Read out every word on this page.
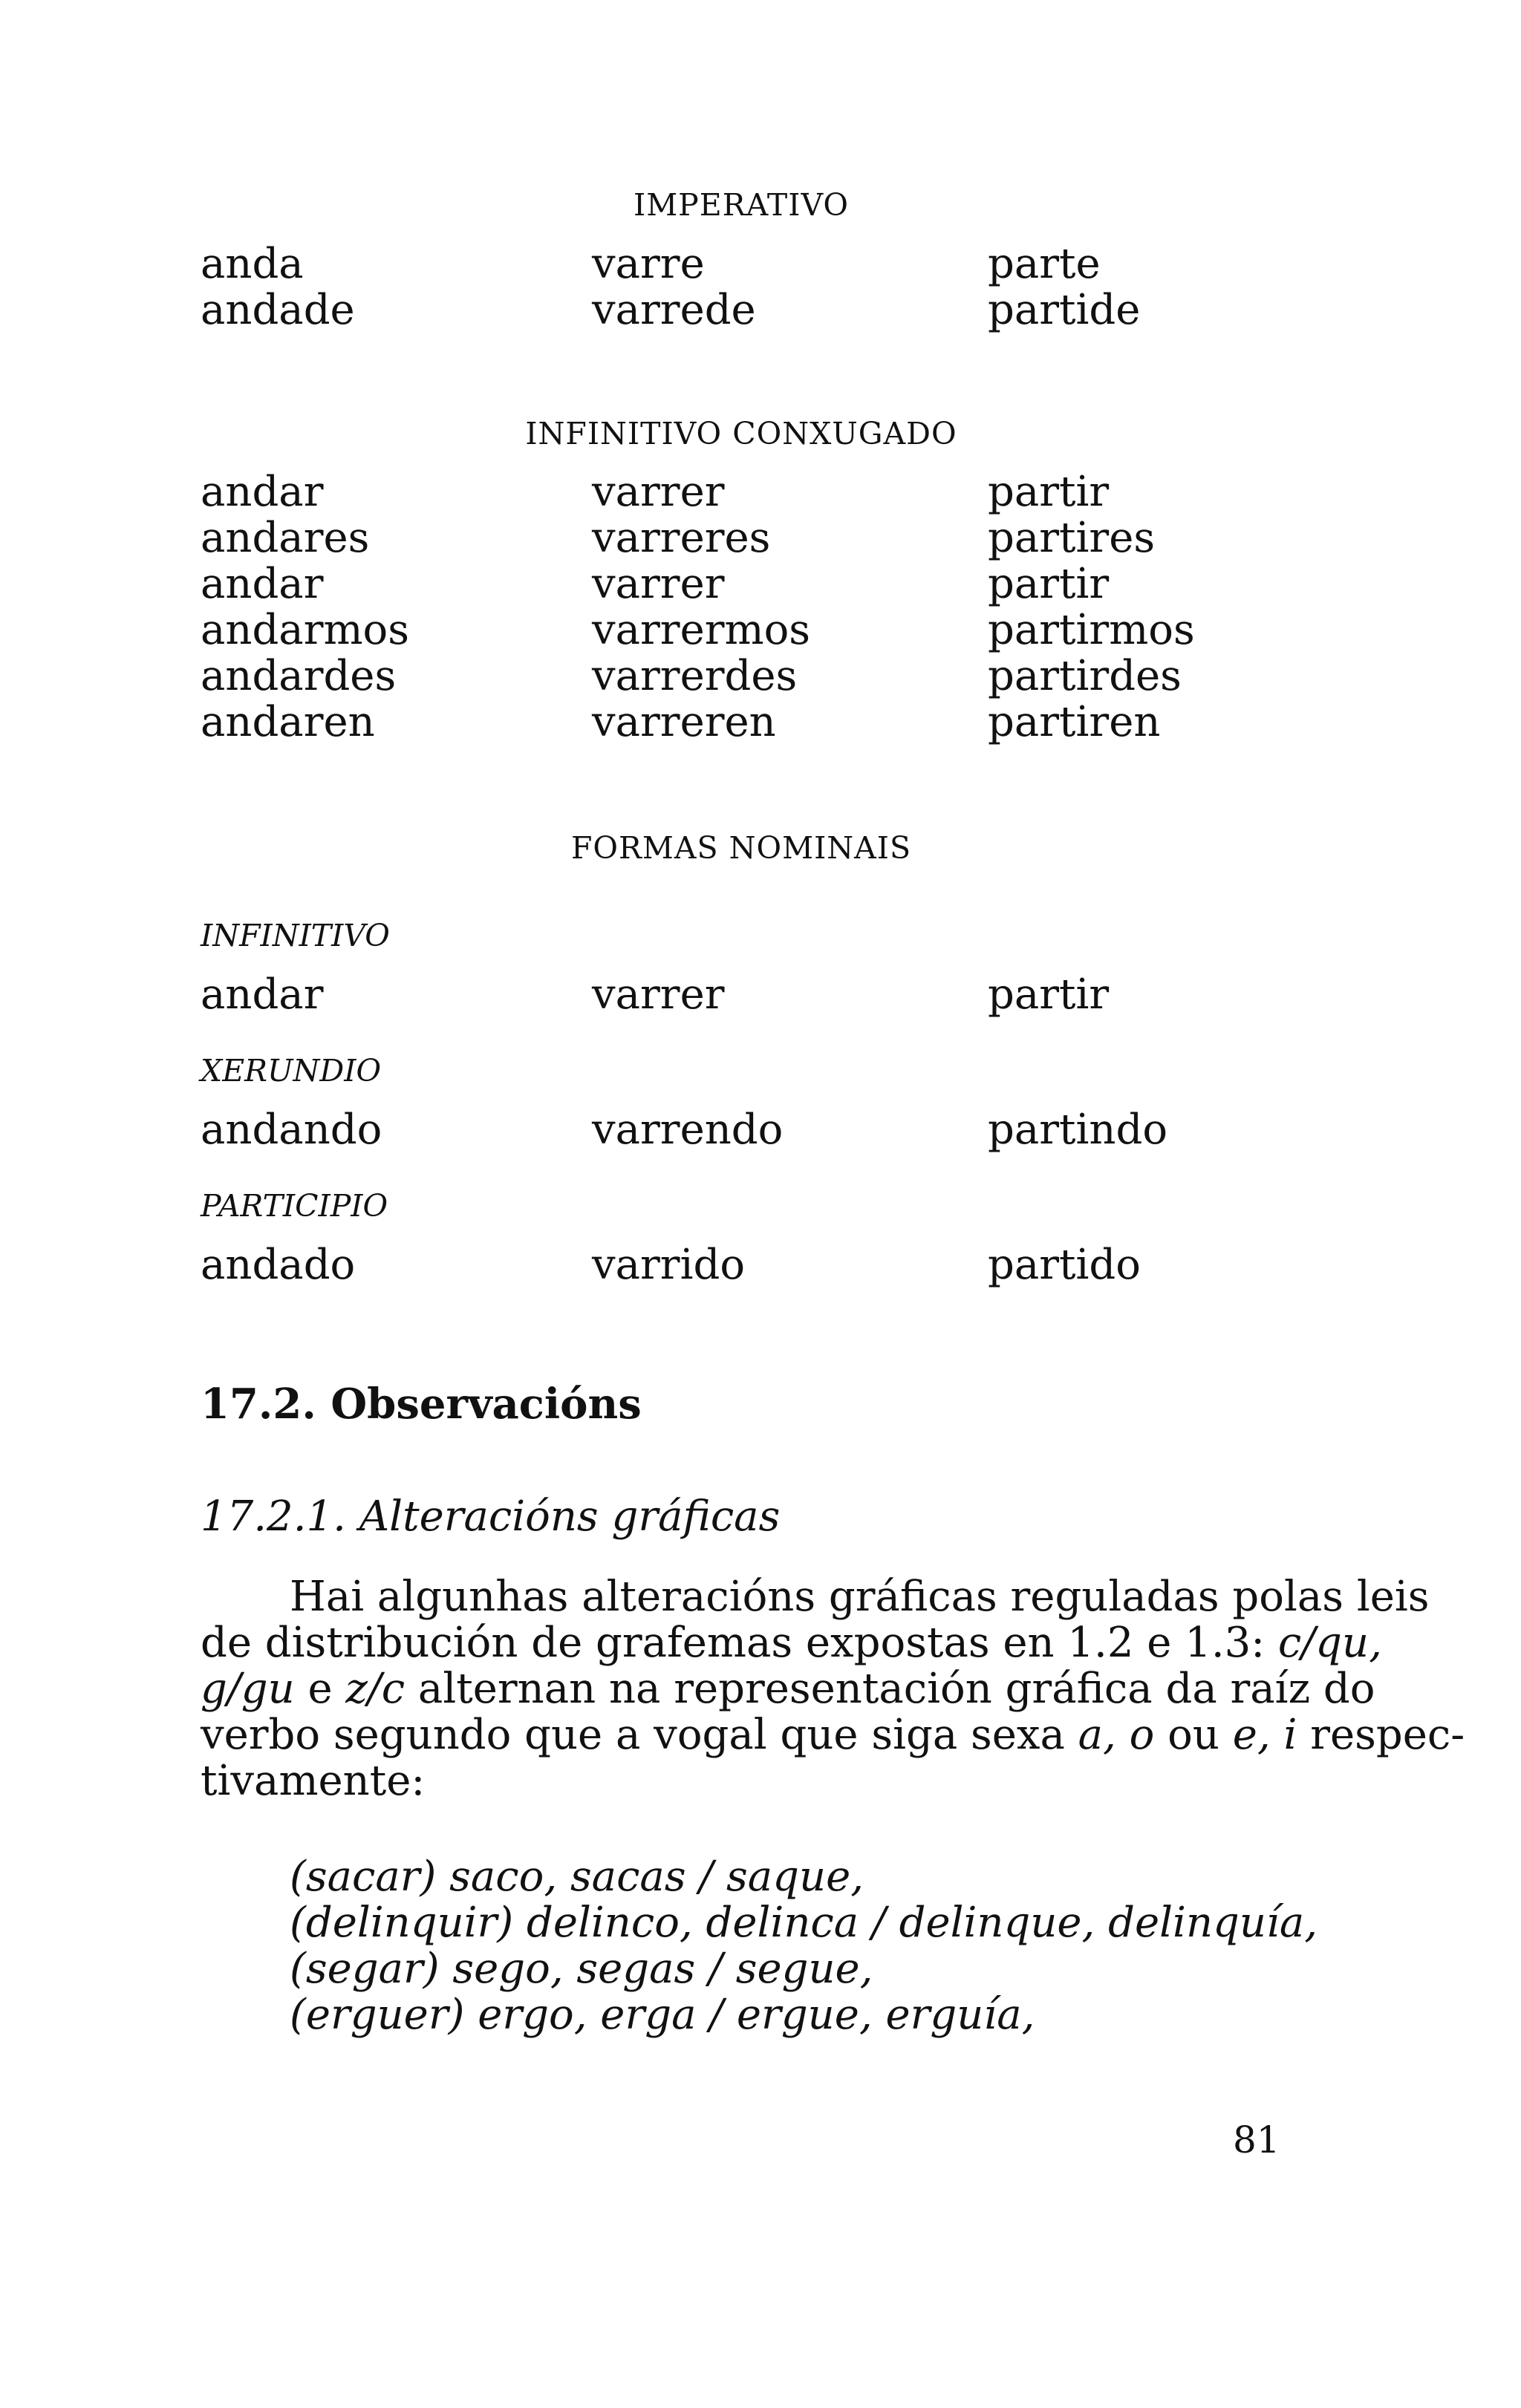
IMPERATIVO
anda	varre	parte
andade	varrede	partide
INFINITIVO CONXUGADO
andar	varrer	partir
andares	varreres	partires
andar	varrer	partir
andarmos	varrermos	partirmos
andardes	varrerdes	partirdes
andaren	varreren	partiren
FORMAS NOMINAIS
INFINITIVO
andar	varrer	partir
XERUNDIO
andando	varrendo	partindo
PARTICIPIO
andado	varrido	partido
17.2. Observacións
17.2.1. Alteracións gráficas
Hai algunhas alteracións gráficas reguladas polas leis
de distribución de grafemas expostas en 1.2 e 1.3: c/qu,
g/gu e z/c alternan na representación gráfica da raíz do
verbo segundo que a vogal que siga sexa a, o ou e, i respec-
tivamente:
(sacar) saco, sacas / saque,
(delinquir) delinco, delinca / delinque, delinquía,
(segar) sego, segas / segue,
(erguer) ergo, erga / ergue, erguía,
81
